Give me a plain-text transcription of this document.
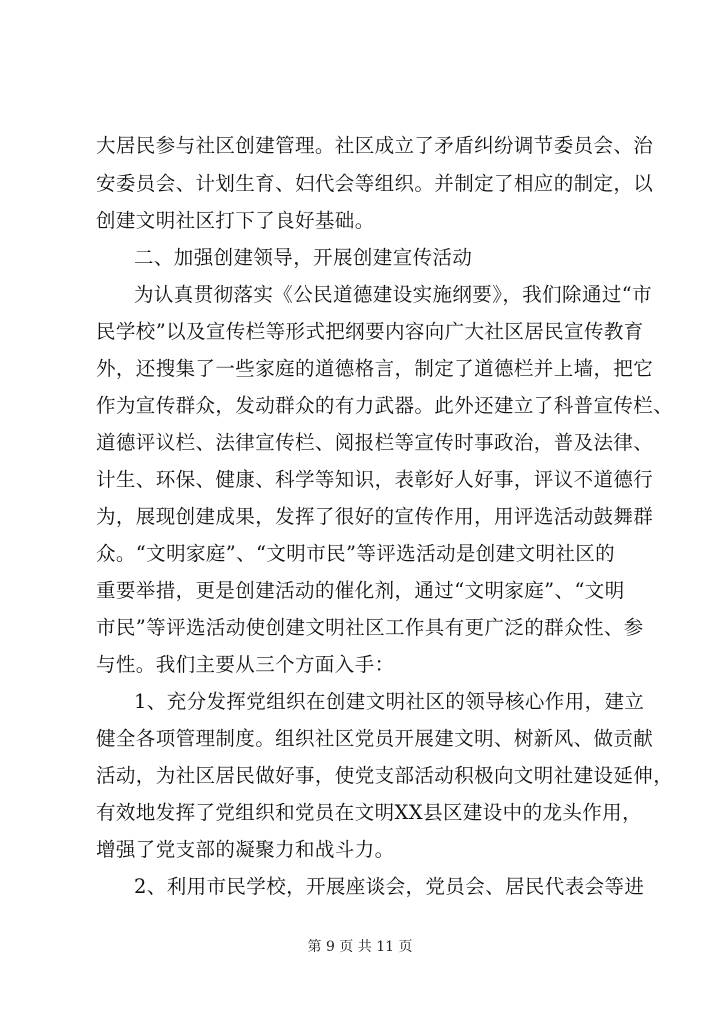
大居民参与社区创建管理。社区成立了矛盾纠纷调节委员会、治
安委员会、计划生育、妇代会等组织。并制定了相应的制定，以
创建文明社区打下了良好基础。
二、加强创建领导，开展创建宣传活动
为认真贯彻落实《公民道德建设实施纲要》，我们除通过“市
民学校”以及宣传栏等形式把纲要内容向广大社区居民宣传教育
外，还搜集了一些家庭的道德格言，制定了道德栏并上墙，把它
作为宣传群众，发动群众的有力武器。此外还建立了科普宣传栏、
道德评议栏、法律宣传栏、阅报栏等宣传时事政治，普及法律、
计生、环保、健康、科学等知识，表彰好人好事，评议不道德行
为，展现创建成果，发挥了很好的宣传作用，用评选活动鼓舞群
众。“文明家庭”、“文明市民”等评选活动是创建文明社区的
重要举措，更是创建活动的催化剂，通过“文明家庭”、“文明
市民”等评选活动使创建文明社区工作具有更广泛的群众性、参
与性。我们主要从三个方面入手：
1、充分发挥党组织在创建文明社区的领导核心作用，建立
健全各项管理制度。组织社区党员开展建文明、树新风、做贡献
活动，为社区居民做好事，使党支部活动积极向文明社建设延伸，
有效地发挥了党组织和党员在文明XX县区建设中的龙头作用，
增强了党支部的凝聚力和战斗力。
2、利用市民学校，开展座谈会，党员会、居民代表会等进
第 9 页 共 11 页
